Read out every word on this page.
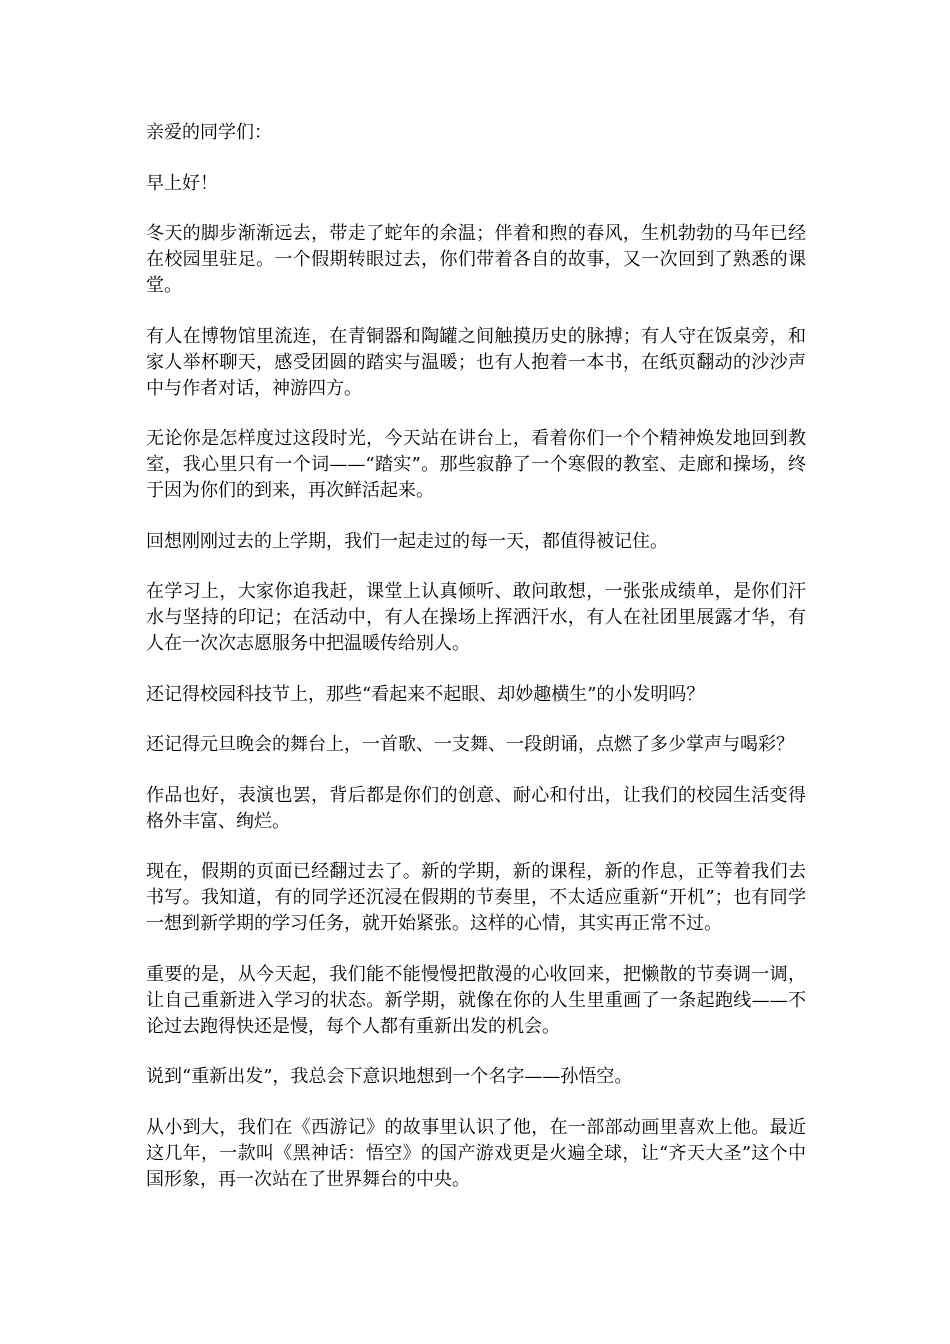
亲爱的同学们：

早上好！

冬天的脚步渐渐远去，带走了蛇年的余温；伴着和煦的春风，生机勃勃的马年已经在校园里驻足。一个假期转眼过去，你们带着各自的故事，又一次回到了熟悉的课堂。

有人在博物馆里流连，在青铜器和陶罐之间触摸历史的脉搏；有人守在饭桌旁，和家人举杯聊天，感受团圆的踏实与温暖；也有人抱着一本书，在纸页翻动的沙沙声中与作者对话，神游四方。

无论你是怎样度过这段时光，今天站在讲台上，看着你们一个个精神焕发地回到教室，我心里只有一个词——“踏实”。那些寂静了一个寒假的教室、走廊和操场，终于因为你们的到来，再次鲜活起来。

回想刚刚过去的上学期，我们一起走过的每一天，都值得被记住。

在学习上，大家你追我赶，课堂上认真倾听、敢问敢想，一张张成绩单，是你们汗水与坚持的印记；在活动中，有人在操场上挥洒汗水，有人在社团里展露才华，有人在一次次志愿服务中把温暖传给别人。

还记得校园科技节上，那些“看起来不起眼、却妙趣横生”的小发明吗？

还记得元旦晚会的舞台上，一首歌、一支舞、一段朗诵，点燃了多少掌声与喝彩？

作品也好，表演也罢，背后都是你们的创意、耐心和付出，让我们的校园生活变得格外丰富、绚烂。

现在，假期的页面已经翻过去了。新的学期，新的课程，新的作息，正等着我们去书写。我知道，有的同学还沉浸在假期的节奏里，不太适应重新“开机”；也有同学一想到新学期的学习任务，就开始紧张。这样的心情，其实再正常不过。

重要的是，从今天起，我们能不能慢慢把散漫的心收回来，把懒散的节奏调一调，让自己重新进入学习的状态。新学期，就像在你的人生里重画了一条起跑线——不论过去跑得快还是慢，每个人都有重新出发的机会。

说到“重新出发”，我总会下意识地想到一个名字——孙悟空。

从小到大，我们在《西游记》的故事里认识了他，在一部部动画里喜欢上他。最近这几年，一款叫《黑神话：悟空》的国产游戏更是火遍全球，让“齐天大圣”这个中国形象，再一次站在了世界舞台的中央。
